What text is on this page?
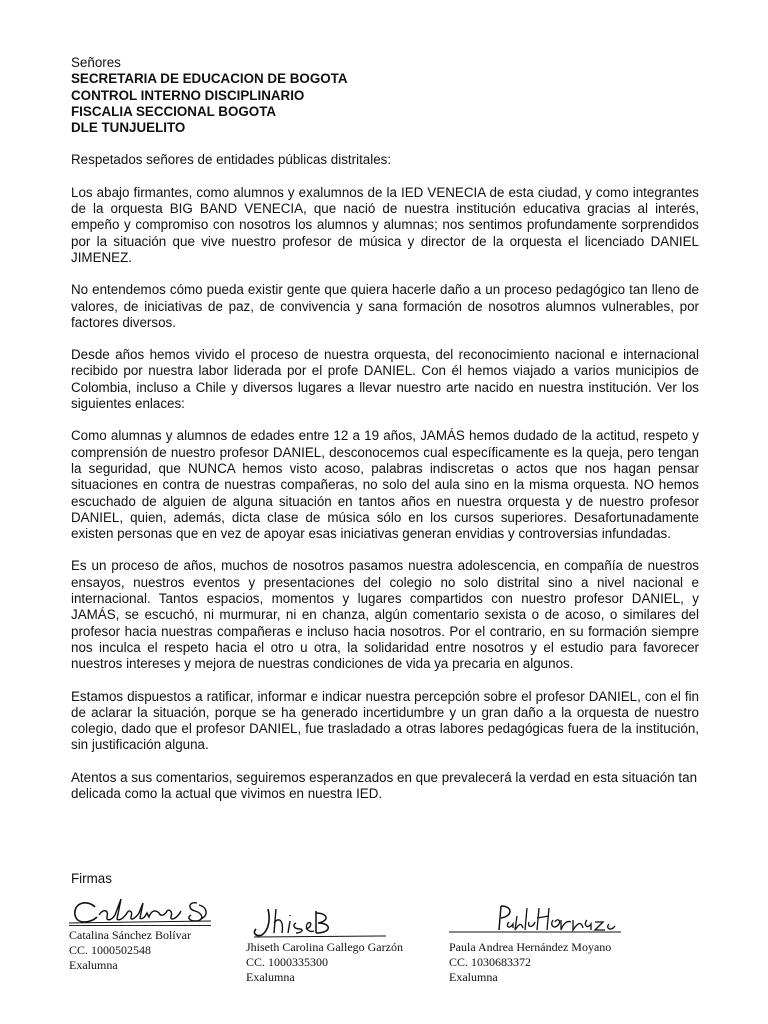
Señores

SECRETARIA DE EDUCACION DE BOGOTA
CONTROL INTERNO DISCIPLINARIO
FISCALIA SECCIONAL BOGOTA
DLE TUNJUELITO

Respetados señores de entidades públicas distritales:

Los abajo firmantes, como alumnos y exalumnos de la IED VENECIA de esta ciudad, y como integrantes de la orquesta BIG BAND VENECIA, que nació de nuestra institución educativa gracias al interés, empeño y compromiso con nosotros los alumnos y alumnas; nos sentimos profundamente sorprendidos por la situación que vive nuestro profesor de música y director de la orquesta el licenciado DANIEL JIMENEZ.

No entendemos cómo pueda existir gente que quiera hacerle daño a un proceso pedagógico tan lleno de valores, de iniciativas de paz, de convivencia y sana formación de nosotros alumnos vulnerables, por factores diversos.

Desde años hemos vivido el proceso de nuestra orquesta, del reconocimiento nacional e internacional recibido por nuestra labor liderada por el profe DANIEL. Con él hemos viajado a varios municipios de Colombia, incluso a Chile y diversos lugares a llevar nuestro arte nacido en nuestra institución. Ver los siguientes enlaces:

Como alumnas y alumnos de edades entre 12 a 19 años, JAMÁS hemos dudado de la actitud, respeto y comprensión de nuestro profesor DANIEL, desconocemos cual específicamente es la queja, pero tengan la seguridad, que NUNCA hemos visto acoso, palabras indiscretas o actos que nos hagan pensar situaciones en contra de nuestras compañeras, no solo del aula sino en la misma orquesta. NO hemos escuchado de alguien de alguna situación en tantos años en nuestra orquesta y de nuestro profesor DANIEL, quien, además, dicta clase de música sólo en los cursos superiores. Desafortunadamente existen personas que en vez de apoyar esas iniciativas generan envidias y controversias infundadas.

Es un proceso de años, muchos de nosotros pasamos nuestra adolescencia, en compañía de nuestros ensayos, nuestros eventos y presentaciones del colegio no solo distrital sino a nivel nacional e internacional. Tantos espacios, momentos y lugares compartidos con nuestro profesor DANIEL, y JAMÁS, se escuchó, ni murmurar, ni en chanza, algún comentario sexista o de acoso, o similares del profesor hacia nuestras compañeras e incluso hacia nosotros. Por el contrario, en su formación siempre nos inculca el respeto hacia el otro u otra, la solidaridad entre nosotros y el estudio para favorecer nuestros intereses y mejora de nuestras condiciones de vida ya precaria en algunos.

Estamos dispuestos a ratificar, informar e indicar nuestra percepción sobre el profesor DANIEL, con el fin de aclarar la situación, porque se ha generado incertidumbre y un gran daño a la orquesta de nuestro colegio, dado que el profesor DANIEL, fue trasladado a otras labores pedagógicas fuera de la institución, sin justificación alguna.

Atentos a sus comentarios, seguiremos esperanzados en que prevalecerá la verdad en esta situación tan delicada como la actual que vivimos en nuestra IED.

Firmas

Catalina Sánchez Bolívar
CC. 1000502548
Exalumna
Jhiseth Carolina Gallego Garzón
CC. 1000335300
Exalumna
Paula Andrea Hernández Moyano
CC. 1030683372
Exalumna
